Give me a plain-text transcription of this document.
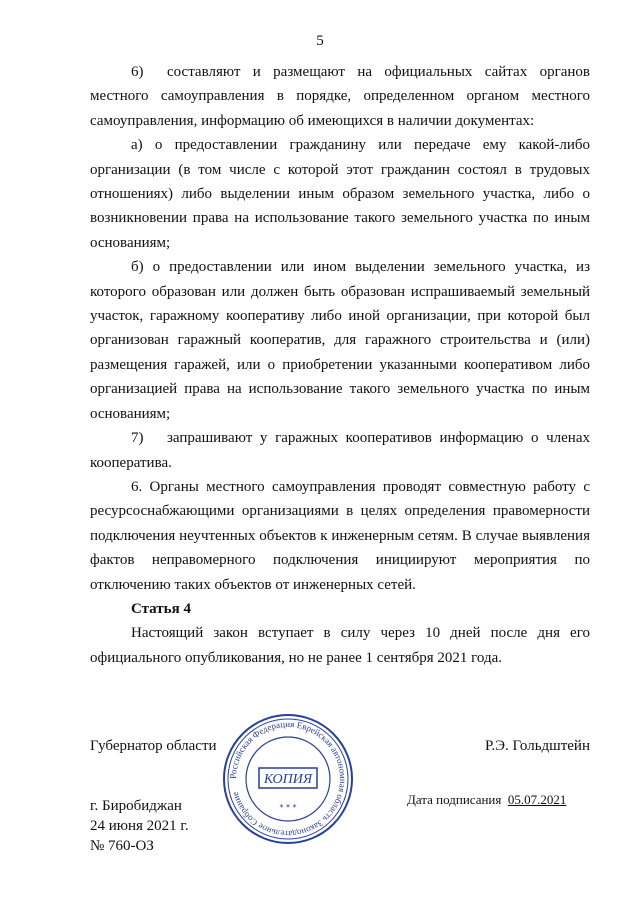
5

6) составляют и размещают на официальных сайтах органов местного самоуправления в порядке, определенном органом местного самоуправления, информацию об имеющихся в наличии документах:

а) о предоставлении гражданину или передаче ему какой-либо организации (в том числе с которой этот гражданин состоял в трудовых отношениях) либо выделении иным образом земельного участка, либо о возникновении права на использование такого земельного участка по иным основаниям;

б) о предоставлении или ином выделении земельного участка, из которого образован или должен быть образован испрашиваемый земельный участок, гаражному кооперативу либо иной организации, при которой был организован гаражный кооператив, для гаражного строительства и (или) размещения гаражей, или о приобретении указанными кооперативом либо организацией права на использование такого земельного участка по иным основаниям;

7) запрашивают у гаражных кооперативов информацию о членах кооператива.

6. Органы местного самоуправления проводят совместную работу с ресурсоснабжающими организациями в целях определения правомерности подключения неучтенных объектов к инженерным сетям. В случае выявления фактов неправомерного подключения инициируют мероприятия по отключению таких объектов от инженерных сетей.

Статья 4

Настоящий закон вступает в силу через 10 дней после дня его официального опубликования, но не ранее 1 сентября 2021 года.

Губернатор области	Р.Э. Гольдштейн
г. Биробиджан
24 июня 2021 г.
№ 760-ОЗ
Дата подписания 05.07.2021
Российская Федерация Еврейская автономная область Законодательное Собрание
КОПИЯ
* * *
